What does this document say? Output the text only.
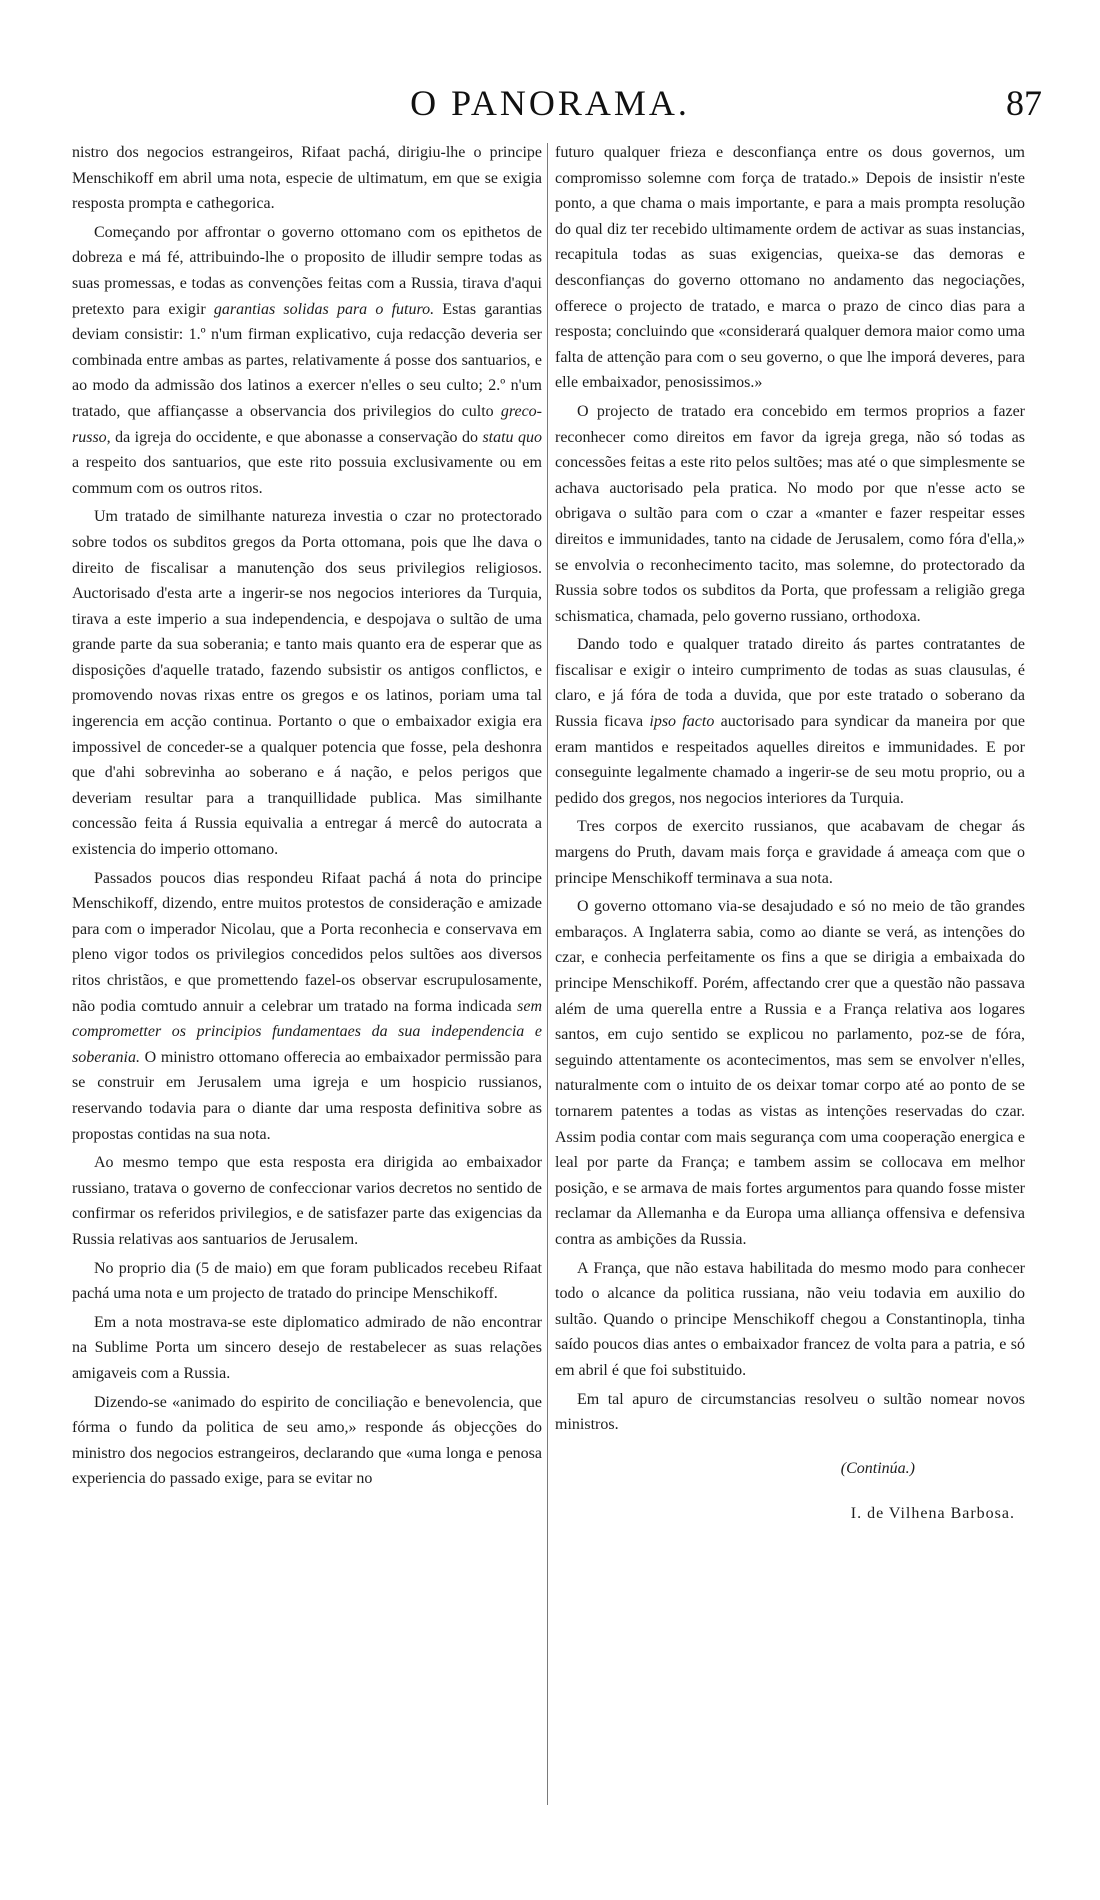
O PANORAMA.	87

nistro dos negocios estrangeiros, Rifaat pachá, dirigiu-lhe o principe Menschikoff em abril uma nota, especie de ultimatum, em que se exigia resposta prompta e cathegorica.

Começando por affrontar o governo ottomano com os epithetos de dobreza e má fé, attribuindo-lhe o proposito de illudir sempre todas as suas promessas, e todas as convenções feitas com a Russia, tirava d'aqui pretexto para exigir garantias solidas para o futuro. Estas garantias deviam consistir: 1.º n'um firman explicativo, cuja redacção deveria ser combinada entre ambas as partes, relativamente á posse dos santuarios, e ao modo da admissão dos latinos a exercer n'elles o seu culto; 2.º n'um tratado, que affiançasse a observancia dos privilegios do culto greco-russo, da igreja do occidente, e que abonasse a conservação do statu quo a respeito dos santuarios, que este rito possuia exclusivamente ou em commum com os outros ritos.

Um tratado de similhante natureza investia o czar no protectorado sobre todos os subditos gregos da Porta ottomana, pois que lhe dava o direito de fiscalisar a manutenção dos seus privilegios religiosos. Auctorisado d'esta arte a ingerir-se nos negocios interiores da Turquia, tirava a este imperio a sua independencia, e despojava o sultão de uma grande parte da sua soberania; e tanto mais quanto era de esperar que as disposições d'aquelle tratado, fazendo subsistir os antigos conflictos, e promovendo novas rixas entre os gregos e os latinos, poriam uma tal ingerencia em acção continua. Portanto o que o embaixador exigia era impossivel de conceder-se a qualquer potencia que fosse, pela deshonra que d'ahi sobrevinha ao soberano e á nação, e pelos perigos que deveriam resultar para a tranquillidade publica. Mas similhante concessão feita á Russia equivalia a entregar á mercê do autocrata a existencia do imperio ottomano.

Passados poucos dias respondeu Rifaat pachá á nota do principe Menschikoff, dizendo, entre muitos protestos de consideração e amizade para com o imperador Nicolau, que a Porta reconhecia e conservava em pleno vigor todos os privilegios concedidos pelos sultões aos diversos ritos christãos, e que promettendo fazel-os observar escrupulosamente, não podia comtudo annuir a celebrar um tratado na forma indicada sem comprometter os principios fundamentaes da sua independencia e soberania. O ministro ottomano offerecia ao embaixador permissão para se construir em Jerusalem uma igreja e um hospicio russianos, reservando todavia para o diante dar uma resposta definitiva sobre as propostas contidas na sua nota.

Ao mesmo tempo que esta resposta era dirigida ao embaixador russiano, tratava o governo de confeccionar varios decretos no sentido de confirmar os referidos privilegios, e de satisfazer parte das exigencias da Russia relativas aos santuarios de Jerusalem.

No proprio dia (5 de maio) em que foram publicados recebeu Rifaat pachá uma nota e um projecto de tratado do principe Menschikoff.

Em a nota mostrava-se este diplomatico admirado de não encontrar na Sublime Porta um sincero desejo de restabelecer as suas relações amigaveis com a Russia.

Dizendo-se «animado do espirito de conciliação e benevolencia, que fórma o fundo da politica de seu amo,» responde ás objecções do ministro dos negocios estrangeiros, declarando que «uma longa e penosa experiencia do passado exige, para se evitar no

futuro qualquer frieza e desconfiança entre os dous governos, um compromisso solemne com força de tratado.» Depois de insistir n'este ponto, a que chama o mais importante, e para a mais prompta resolução do qual diz ter recebido ultimamente ordem de activar as suas instancias, recapitula todas as suas exigencias, queixa-se das demoras e desconfianças do governo ottomano no andamento das negociações, offerece o projecto de tratado, e marca o prazo de cinco dias para a resposta; concluindo que «considerará qualquer demora maior como uma falta de attenção para com o seu governo, o que lhe imporá deveres, para elle embaixador, penosissimos.»

O projecto de tratado era concebido em termos proprios a fazer reconhecer como direitos em favor da igreja grega, não só todas as concessões feitas a este rito pelos sultões; mas até o que simplesmente se achava auctorisado pela pratica. No modo por que n'esse acto se obrigava o sultão para com o czar a «manter e fazer respeitar esses direitos e immunidades, tanto na cidade de Jerusalem, como fóra d'ella,» se envolvia o reconhecimento tacito, mas solemne, do protectorado da Russia sobre todos os subditos da Porta, que professam a religião grega schismatica, chamada, pelo governo russiano, orthodoxa.

Dando todo e qualquer tratado direito ás partes contratantes de fiscalisar e exigir o inteiro cumprimento de todas as suas clausulas, é claro, e já fóra de toda a duvida, que por este tratado o soberano da Russia ficava ipso facto auctorisado para syndicar da maneira por que eram mantidos e respeitados aquelles direitos e immunidades. E por conseguinte legalmente chamado a ingerir-se de seu motu proprio, ou a pedido dos gregos, nos negocios interiores da Turquia.

Tres corpos de exercito russianos, que acabavam de chegar ás margens do Pruth, davam mais força e gravidade á ameaça com que o principe Menschikoff terminava a sua nota.

O governo ottomano via-se desajudado e só no meio de tão grandes embaraços. A Inglaterra sabia, como ao diante se verá, as intenções do czar, e conhecia perfeitamente os fins a que se dirigia a embaixada do principe Menschikoff. Porém, affectando crer que a questão não passava além de uma querella entre a Russia e a França relativa aos logares santos, em cujo sentido se explicou no parlamento, poz-se de fóra, seguindo attentamente os acontecimentos, mas sem se envolver n'elles, naturalmente com o intuito de os deixar tomar corpo até ao ponto de se tornarem patentes a todas as vistas as intenções reservadas do czar. Assim podia contar com mais segurança com uma cooperação energica e leal por parte da França; e tambem assim se collocava em melhor posição, e se armava de mais fortes argumentos para quando fosse mister reclamar da Allemanha e da Europa uma alliança offensiva e defensiva contra as ambições da Russia.

A França, que não estava habilitada do mesmo modo para conhecer todo o alcance da politica russiana, não veiu todavia em auxilio do sultão. Quando o principe Menschikoff chegou a Constantinopla, tinha saído poucos dias antes o embaixador francez de volta para a patria, e só em abril é que foi substituido.

Em tal apuro de circumstancias resolveu o sultão nomear novos ministros.

(Continúa.)
I. de Vilhena Barbosa.
